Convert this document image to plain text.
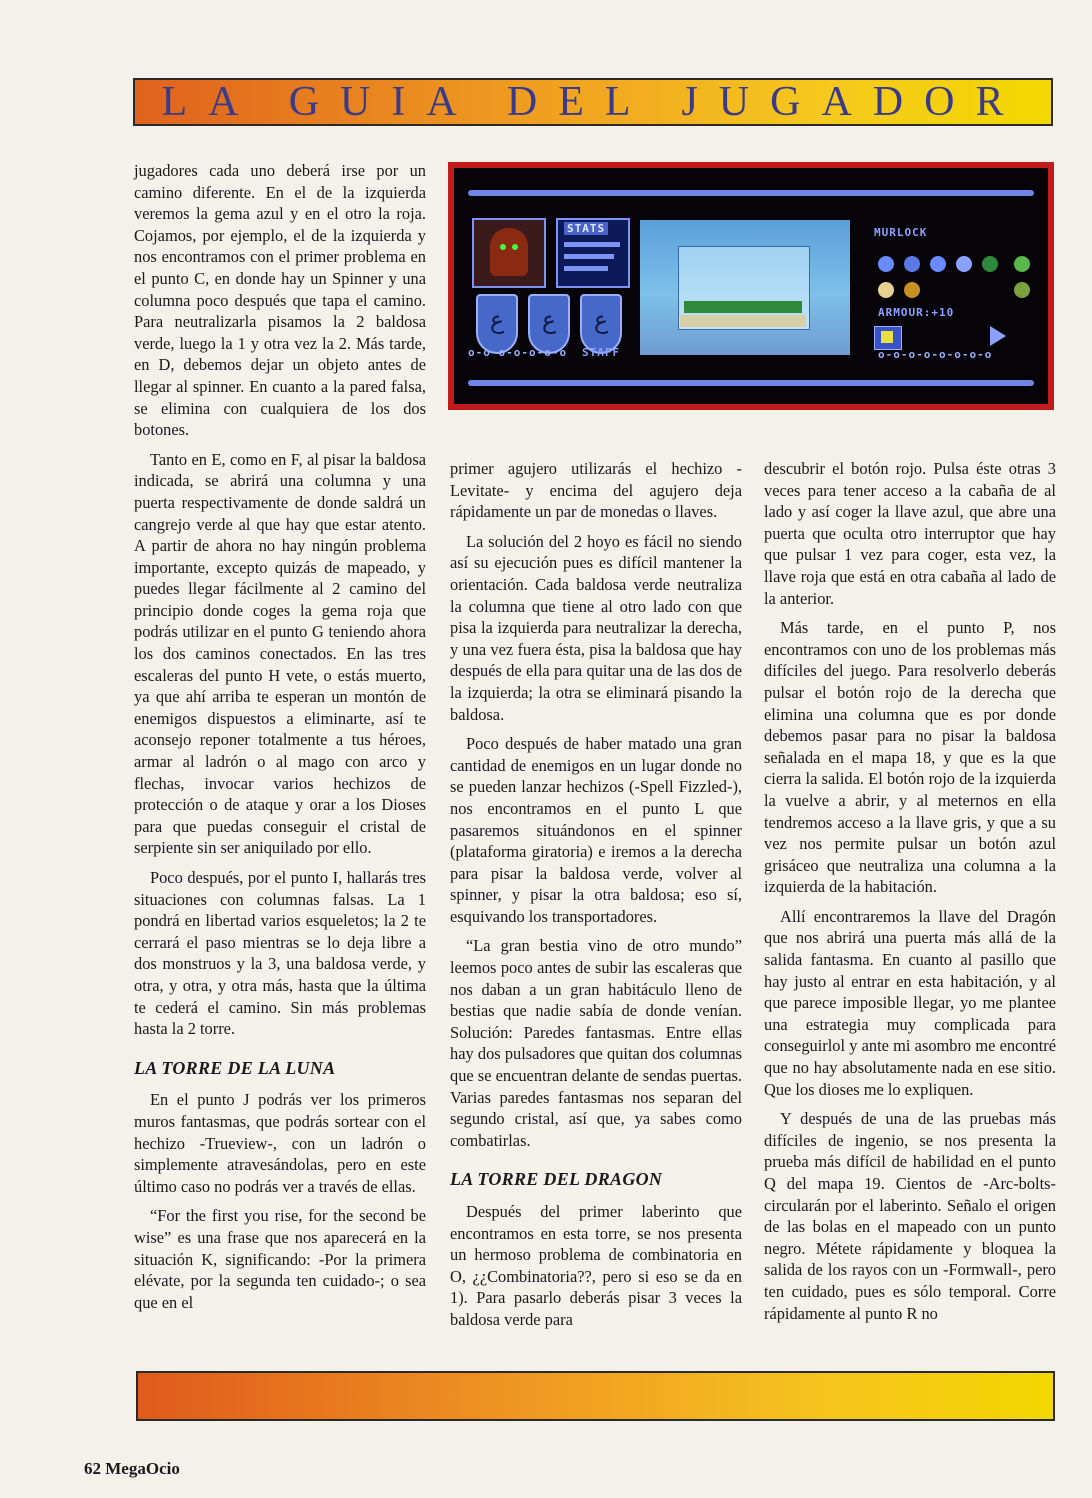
LA GUIA DEL JUGADOR

jugadores cada uno deberá irse por un camino diferente. En el de la izquierda veremos la gema azul y en el otro la roja. Cojamos, por ejemplo, el de la izquierda y nos encontramos con el primer problema en el punto C, en donde hay un Spinner y una columna poco después que tapa el camino. Para neutralizarla pisamos la 2 baldosa verde, luego la 1 y otra vez la 2. Más tarde, en D, debemos dejar un objeto antes de llegar al spinner. En cuanto a la pared falsa, se elimina con cualquiera de los dos botones.

Tanto en E, como en F, al pisar la baldosa indicada, se abrirá una columna y una puerta respectivamente de donde saldrá un cangrejo verde al que hay que estar atento. A partir de ahora no hay ningún problema importante, excepto quizás de mapeado, y puedes llegar fácilmente al 2 camino del principio donde coges la gema roja que podrás utilizar en el punto G teniendo ahora los dos caminos conectados. En las tres escaleras del punto H vete, o estás muerto, ya que ahí arriba te esperan un montón de enemigos dispuestos a eliminarte, así te aconsejo reponer totalmente a tus héroes, armar al ladrón o al mago con arco y flechas, invocar varios hechizos de protección o de ataque y orar a los Dioses para que puedas conseguir el cristal de serpiente sin ser aniquilado por ello.

Poco después, por el punto I, hallarás tres situaciones con columnas falsas. La 1 pondrá en libertad varios esqueletos; la 2 te cerrará el paso mientras se lo deja libre a dos monstruos y la 3, una baldosa verde, y otra, y otra, y otra más, hasta que la última te cederá el camino. Sin más problemas hasta la 2 torre.

LA TORRE DE LA LUNA

En el punto J podrás ver los primeros muros fantasmas, que podrás sortear con el hechizo -Trueview-, con un ladrón o simplemente atravesándolas, pero en este último caso no podrás ver a través de ellas.

“For the first you rise, for the second be wise” es una frase que nos aparecerá en la situación K, significando: -Por la primera elévate, por la segunda ten cuidado-; o sea que en el

STATS
ﻉ	ﻉ	ﻉ
o-o-o-o-o-o-o STAFF
MURLOCK
ARMOUR:+10
o-o-o-o-o-o-o-o

primer agujero utilizarás el hechizo -Levitate- y encima del agujero deja rápidamente un par de monedas o llaves.

La solución del 2 hoyo es fácil no siendo así su ejecución pues es difícil mantener la orientación. Cada baldosa verde neutraliza la columna que tiene al otro lado con que pisa la izquierda para neutralizar la derecha, y una vez fuera ésta, pisa la baldosa que hay después de ella para quitar una de las dos de la izquierda; la otra se eliminará pisando la baldosa.

Poco después de haber matado una gran cantidad de enemigos en un lugar donde no se pueden lanzar hechizos (-Spell Fizzled-), nos encontramos en el punto L que pasaremos situándonos en el spinner (plataforma giratoria) e iremos a la derecha para pisar la baldosa verde, volver al spinner, y pisar la otra baldosa; eso sí, esquivando los transportadores.

“La gran bestia vino de otro mundo” leemos poco antes de subir las escaleras que nos daban a un gran habitáculo lleno de bestias que nadie sabía de donde venían. Solución: Paredes fantasmas. Entre ellas hay dos pulsadores que quitan dos columnas que se encuentran delante de sendas puertas. Varias paredes fantasmas nos separan del segundo cristal, así que, ya sabes como combatirlas.

LA TORRE DEL DRAGON

Después del primer laberinto que encontramos en esta torre, se nos presenta un hermoso problema de combinatoria en O, ¿¿Combinatoria??, pero si eso se da en 1). Para pasarlo deberás pisar 3 veces la baldosa verde para

descubrir el botón rojo. Pulsa éste otras 3 veces para tener acceso a la cabaña de al lado y así coger la llave azul, que abre una puerta que oculta otro interruptor que hay que pulsar 1 vez para coger, esta vez, la llave roja que está en otra cabaña al lado de la anterior.

Más tarde, en el punto P, nos encontramos con uno de los problemas más difíciles del juego. Para resolverlo deberás pulsar el botón rojo de la derecha que elimina una columna que es por donde debemos pasar para no pisar la baldosa señalada en el mapa 18, y que es la que cierra la salida. El botón rojo de la izquierda la vuelve a abrir, y al meternos en ella tendremos acceso a la llave gris, y que a su vez nos permite pulsar un botón azul grisáceo que neutraliza una columna a la izquierda de la habitación.

Allí encontraremos la llave del Dragón que nos abrirá una puerta más allá de la salida fantasma. En cuanto al pasillo que hay justo al entrar en esta habitación, y al que parece imposible llegar, yo me plantee una estrategia muy complicada para conseguirlol y ante mi asombro me encontré que no hay absolutamente nada en ese sitio. Que los dioses me lo expliquen.

Y después de una de las pruebas más difíciles de ingenio, se nos presenta la prueba más difícil de habilidad en el punto Q del mapa 19. Cientos de -Arc-bolts- circularán por el laberinto. Señalo el origen de las bolas en el mapeado con un punto negro. Métete rápidamente y bloquea la salida de los rayos con un -Formwall-, pero ten cuidado, pues es sólo temporal. Corre rápidamente al punto R no

62 MegaOcio
